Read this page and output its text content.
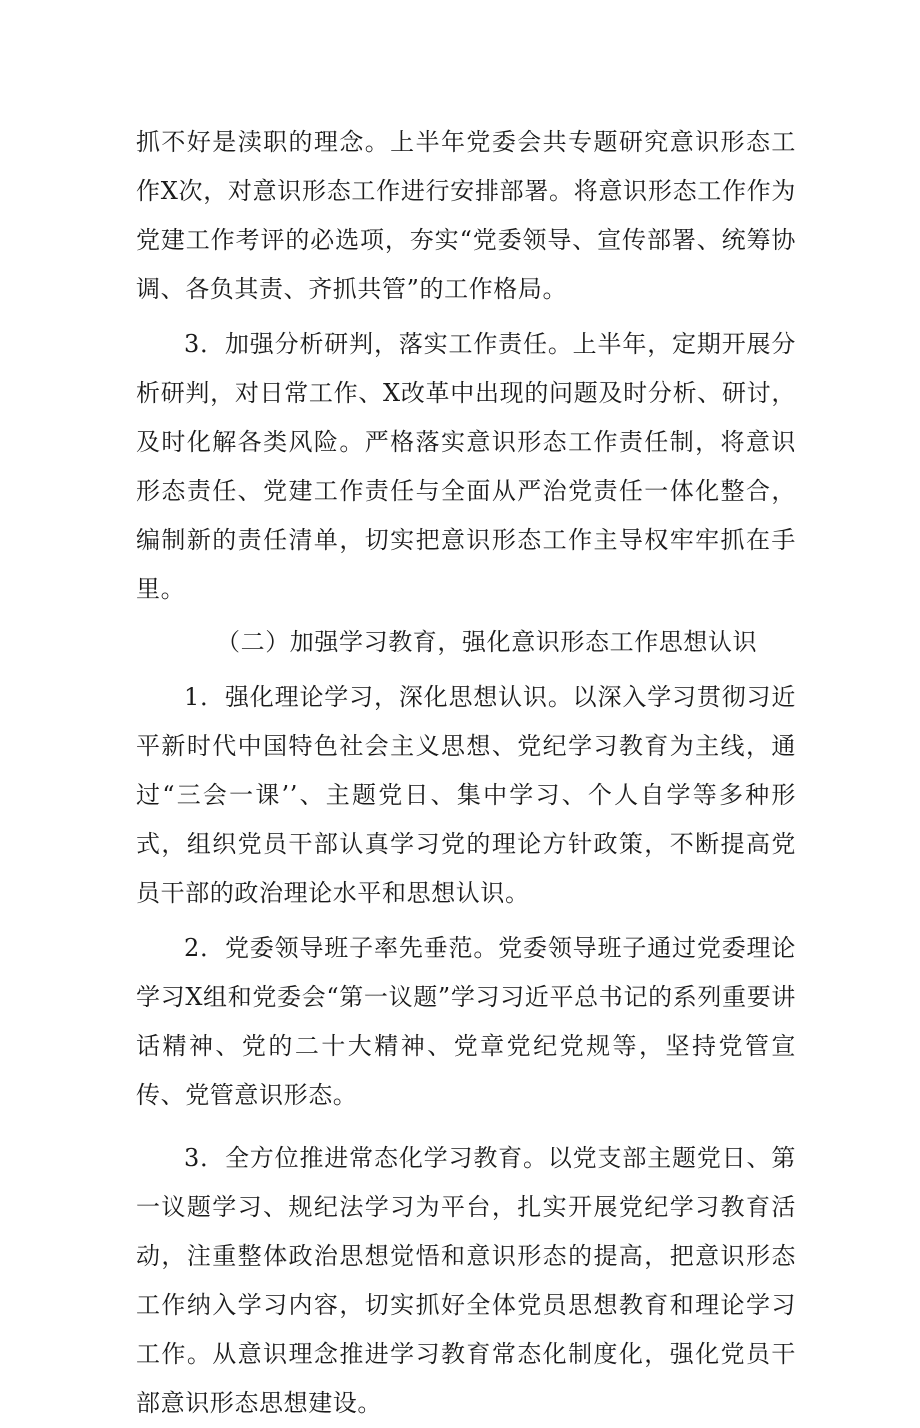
抓不好是渎职的理念。上半年党委会共专题研究意识形态工作X次，对意识形态工作进行安排部署。将意识形态工作作为党建工作考评的必选项，夯实“党委领导、宣传部署、统筹协调、各负其责、齐抓共管”的工作格局。

3．加强分析研判，落实工作责任。上半年，定期开展分析研判，对日常工作、X改革中出现的问题及时分析、研讨，及时化解各类风险。严格落实意识形态工作责任制，将意识形态责任、党建工作责任与全面从严治党责任一体化整合，编制新的责任清单，切实把意识形态工作主导权牢牢抓在手里。

（二）加强学习教育，强化意识形态工作思想认识

1．强化理论学习，深化思想认识。以深入学习贯彻习近平新时代中国特色社会主义思想、党纪学习教育为主线，通过“三会一课’’、主题党日、集中学习、个人自学等多种形式，组织党员干部认真学习党的理论方针政策，不断提高党员干部的政治理论水平和思想认识。

2．党委领导班子率先垂范。党委领导班子通过党委理论学习X组和党委会“第一议题”学习习近平总书记的系列重要讲话精神、党的二十大精神、党章党纪党规等，坚持党管宣传、党管意识形态。

3．全方位推进常态化学习教育。以党支部主题党日、第一议题学习、规纪法学习为平台，扎实开展党纪学习教育活动，注重整体政治思想觉悟和意识形态的提高，把意识形态工作纳入学习内容，切实抓好全体党员思想教育和理论学习工作。从意识理念推进学习教育常态化制度化，强化党员干部意识形态思想建设。
